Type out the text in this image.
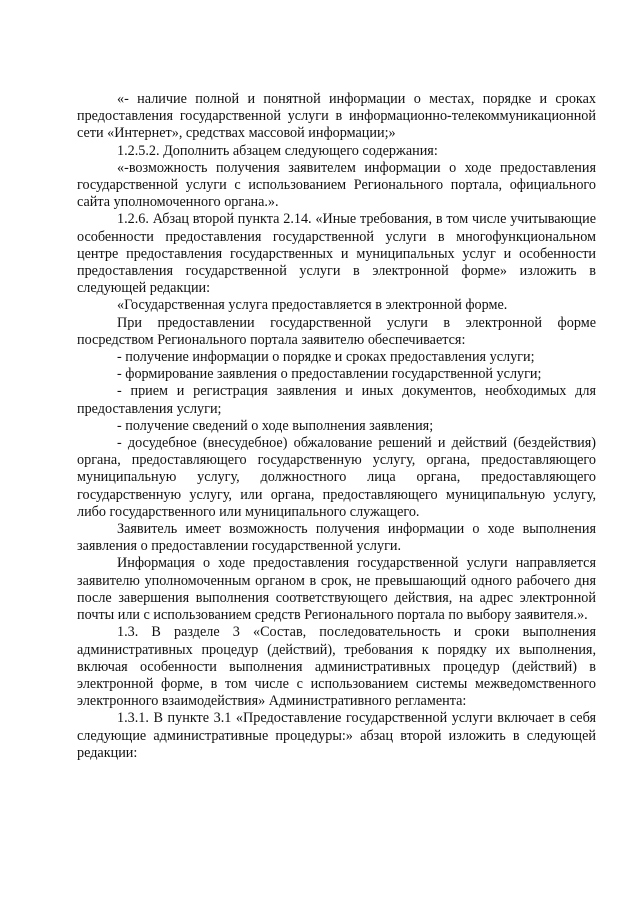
«- наличие полной и понятной информации о местах, порядке и сроках предоставления государственной услуги в информационно-телекоммуникационной сети «Интернет», средствах массовой информации;»

1.2.5.2. Дополнить абзацем следующего содержания:

«-возможность получения заявителем информации о ходе предоставления государственной услуги с использованием Регионального портала, официального сайта уполномоченного органа.».

1.2.6. Абзац второй пункта 2.14. «Иные требования, в том числе учитывающие особенности предоставления государственной услуги в многофункциональном центре предоставления государственных и муниципальных услуг и особенности предоставления государственной услуги в электронной форме» изложить в следующей редакции:

«Государственная услуга предоставляется в электронной форме.

При предоставлении государственной услуги в электронной форме посредством Регионального портала заявителю обеспечивается:

- получение информации о порядке и сроках предоставления услуги;

- формирование заявления о предоставлении государственной услуги;

- прием и регистрация заявления и иных документов, необходимых для предоставления услуги;

- получение сведений о ходе выполнения заявления;

- досудебное (внесудебное) обжалование решений и действий (бездействия) органа, предоставляющего государственную услугу, органа, предоставляющего муниципальную услугу, должностного лица органа, предоставляющего государственную услугу, или органа, предоставляющего муниципальную услугу, либо государственного или муниципального служащего.

Заявитель имеет возможность получения информации о ходе выполнения заявления о предоставлении государственной услуги.

Информация о ходе предоставления государственной услуги направляется заявителю уполномоченным органом в срок, не превышающий одного рабочего дня после завершения выполнения соответствующего действия, на адрес электронной почты или с использованием средств Регионального портала по выбору заявителя.».

1.3. В разделе 3 «Состав, последовательность и сроки выполнения административных процедур (действий), требования к порядку их выполнения, включая особенности выполнения административных процедур (действий) в электронной форме, в том числе с использованием системы межведомственного электронного взаимодействия» Административного регламента:

1.3.1. В пункте 3.1 «Предоставление государственной услуги включает в себя следующие административные процедуры:» абзац второй изложить в следующей редакции:
